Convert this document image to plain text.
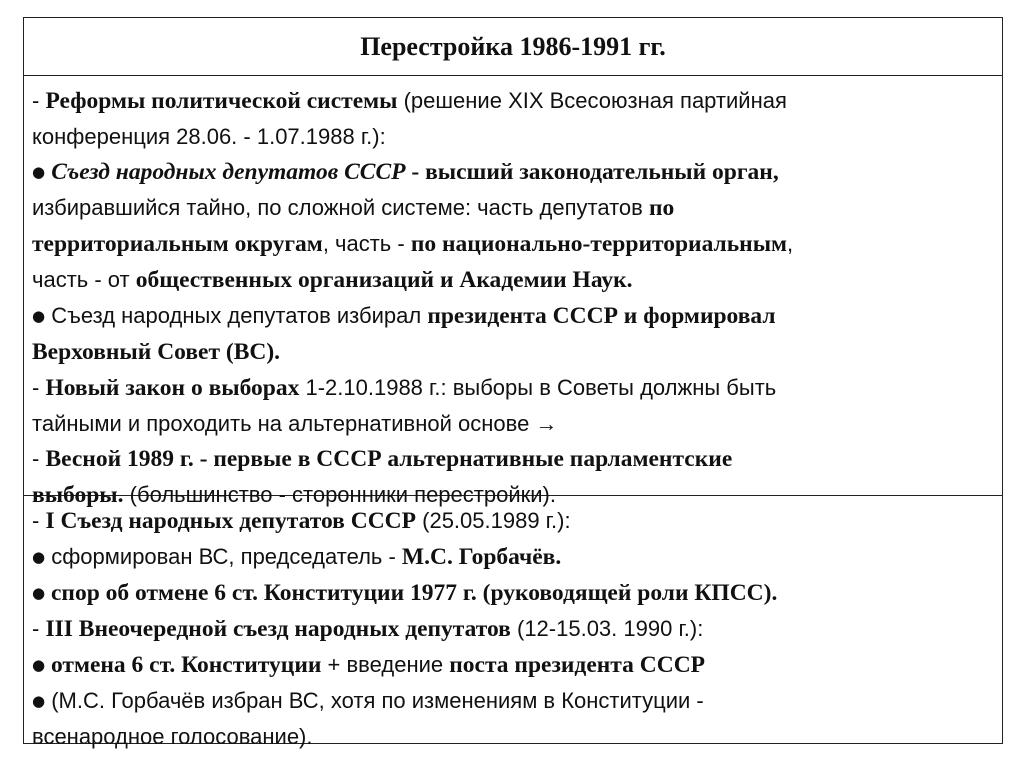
Перестройка 1986-1991 гг.

- Реформы политической системы (решение XIX Всесоюзная партийная

конференция 28.06. - 1.07.1988 г.):

● Съезд народных депутатов СССР - высший законодательный орган,

избиравшийся тайно, по сложной системе: часть депутатов по

территориальным округам, часть - по национально-территориальным,

часть - от общественных организаций и Академии Наук.

● Съезд народных депутатов избирал президента СССР и формировал

Верховный Совет (ВС).

- Новый закон о выборах 1-2.10.1988 г.: выборы в Советы должны быть

тайными и проходить на альтернативной основе →

- Весной 1989 г. - первые в СССР альтернативные парламентские

выборы. (большинство - сторонники перестройки).

- I Съезд народных депутатов СССР (25.05.1989 г.):

● сформирован ВС, председатель - М.С. Горбачёв.

● спор об отмене 6 ст. Конституции 1977 г. (руководящей роли КПСС).

- III Внеочередной съезд народных депутатов (12-15.03. 1990 г.):

● отмена 6 ст. Конституции + введение поста президента СССР

● (М.С. Горбачёв избран ВС, хотя по изменениям в Конституции -

всенародное голосование).
